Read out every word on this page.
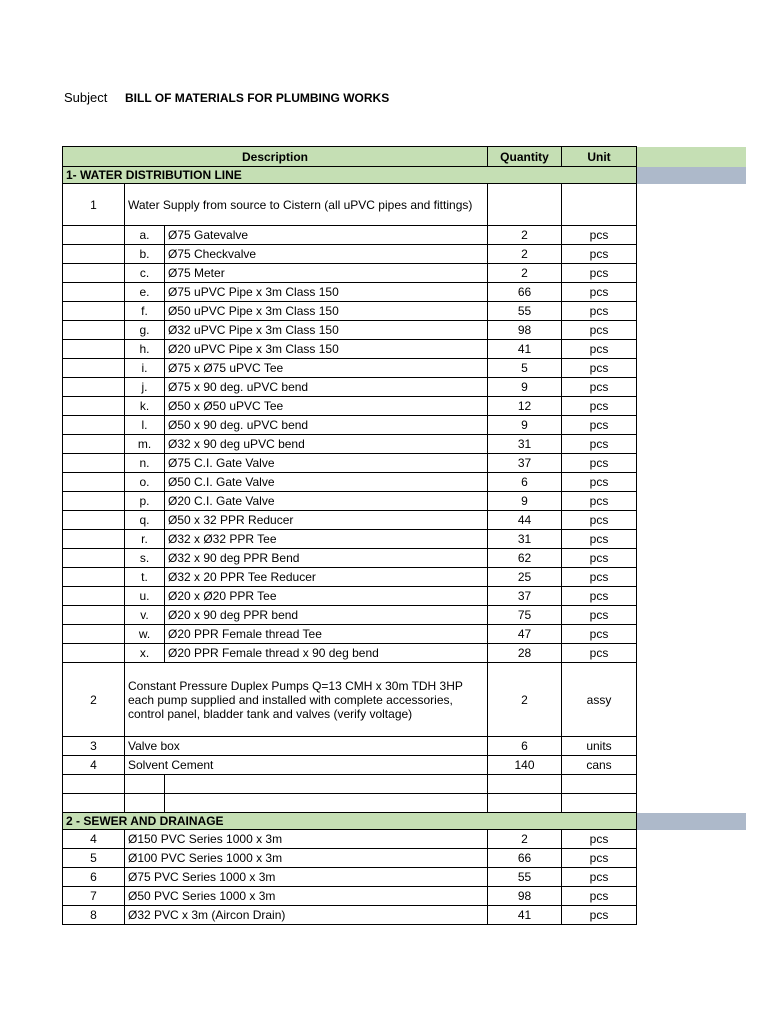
Subject BILL OF MATERIALS FOR PLUMBING WORKS
Description			Quantity	Unit	
1- WATER DISTRIBUTION LINE					
1	Water Supply from source to Cistern (all uPVC pipes and fittings)				
	a.	Ø75 Gatevalve	2	pcs	
	b.	Ø75 Checkvalve	2	pcs	
	c.	Ø75 Meter	2	pcs	
	e.	Ø75 uPVC Pipe x 3m Class 150	66	pcs	
	f.	Ø50 uPVC Pipe x 3m Class 150	55	pcs	
	g.	Ø32 uPVC Pipe x 3m Class 150	98	pcs	
	h.	Ø20 uPVC Pipe x 3m Class 150	41	pcs	
	i.	Ø75 x Ø75 uPVC Tee	5	pcs	
	j.	Ø75 x 90 deg. uPVC bend	9	pcs	
	k.	Ø50 x Ø50 uPVC Tee	12	pcs	
	l.	Ø50 x 90 deg. uPVC bend	9	pcs	
	m.	Ø32 x 90 deg uPVC bend	31	pcs	
	n.	Ø75 C.I. Gate Valve	37	pcs	
	o.	Ø50 C.I. Gate Valve	6	pcs	
	p.	Ø20 C.I. Gate Valve	9	pcs	
	q.	Ø50 x 32 PPR Reducer	44	pcs	
	r.	Ø32 x Ø32 PPR Tee	31	pcs	
	s.	Ø32 x 90 deg PPR Bend	62	pcs	
	t.	Ø32 x 20 PPR Tee Reducer	25	pcs	
	u.	Ø20 x Ø20 PPR Tee	37	pcs	
	v.	Ø20 x 90 deg PPR bend	75	pcs	
	w.	Ø20 PPR Female thread Tee	47	pcs	
	x.	Ø20 PPR Female thread x 90 deg bend	28	pcs	
2	Constant Pressure Duplex Pumps Q=13 CMH x 30m TDH 3HP each pump supplied and installed with complete accessories, control panel, bladder tank and valves (verify voltage)		2	assy	
3	Valve box		6	units	
4	Solvent Cement		140	cans	

2 - SEWER AND DRAINAGE					
4	Ø150 PVC Series 1000 x 3m		2	pcs	
5	Ø100 PVC Series 1000 x 3m		66	pcs	
6	Ø75 PVC Series 1000 x 3m		55	pcs	
7	Ø50 PVC Series 1000 x 3m		98	pcs	
8	Ø32 PVC x 3m (Aircon Drain)		41	pcs	
